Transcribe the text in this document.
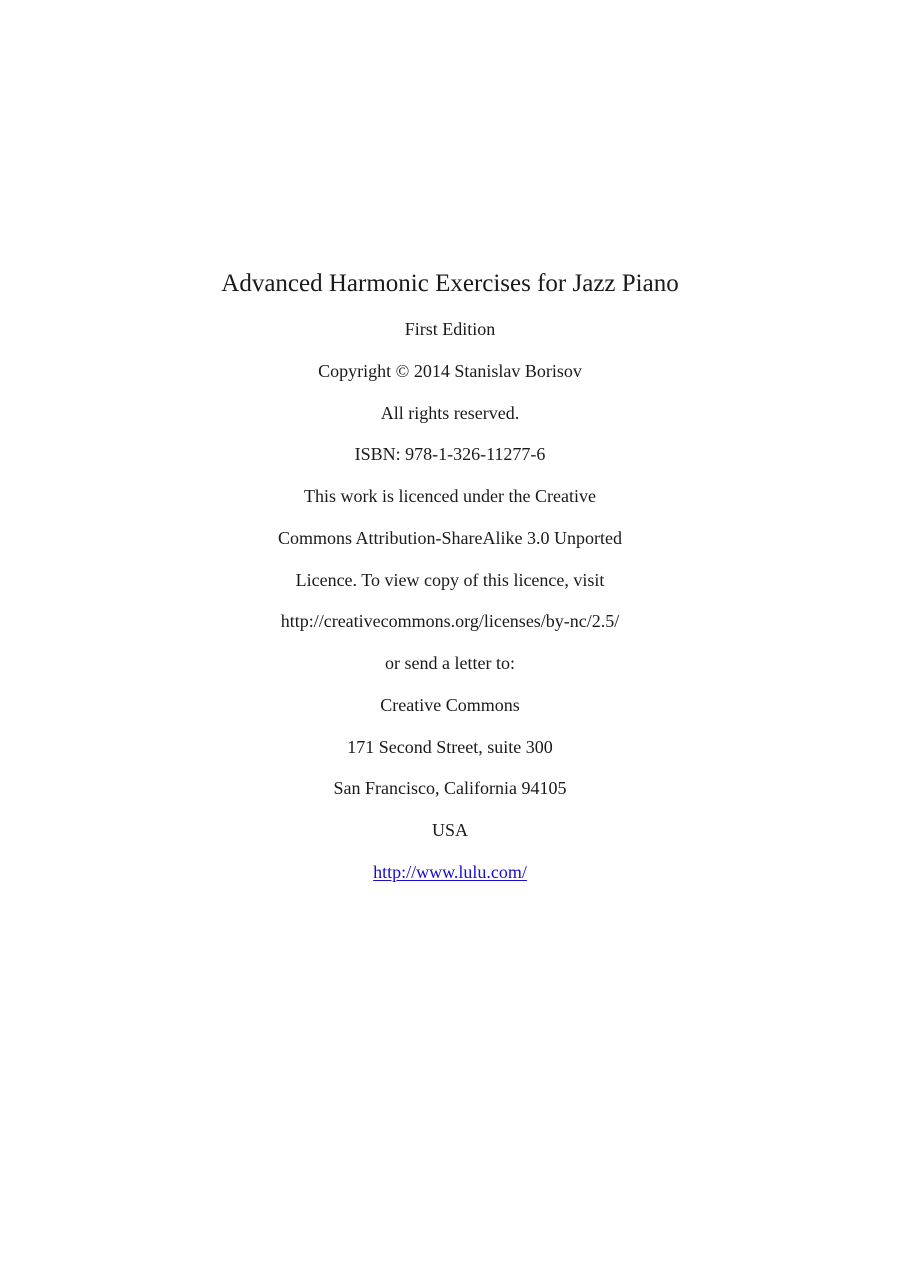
Advanced Harmonic Exercises for Jazz Piano
First Edition
Copyright © 2014 Stanislav Borisov
All rights reserved.
ISBN: 978-1-326-11277-6
This work is licenced under the Creative
Commons Attribution-ShareAlike 3.0 Unported
Licence. To view copy of this licence, visit
http://creativecommons.org/licenses/by-nc/2.5/
or send a letter to:
Creative Commons
171 Second Street, suite 300
San Francisco, California 94105
USA
http://www.lulu.com/
